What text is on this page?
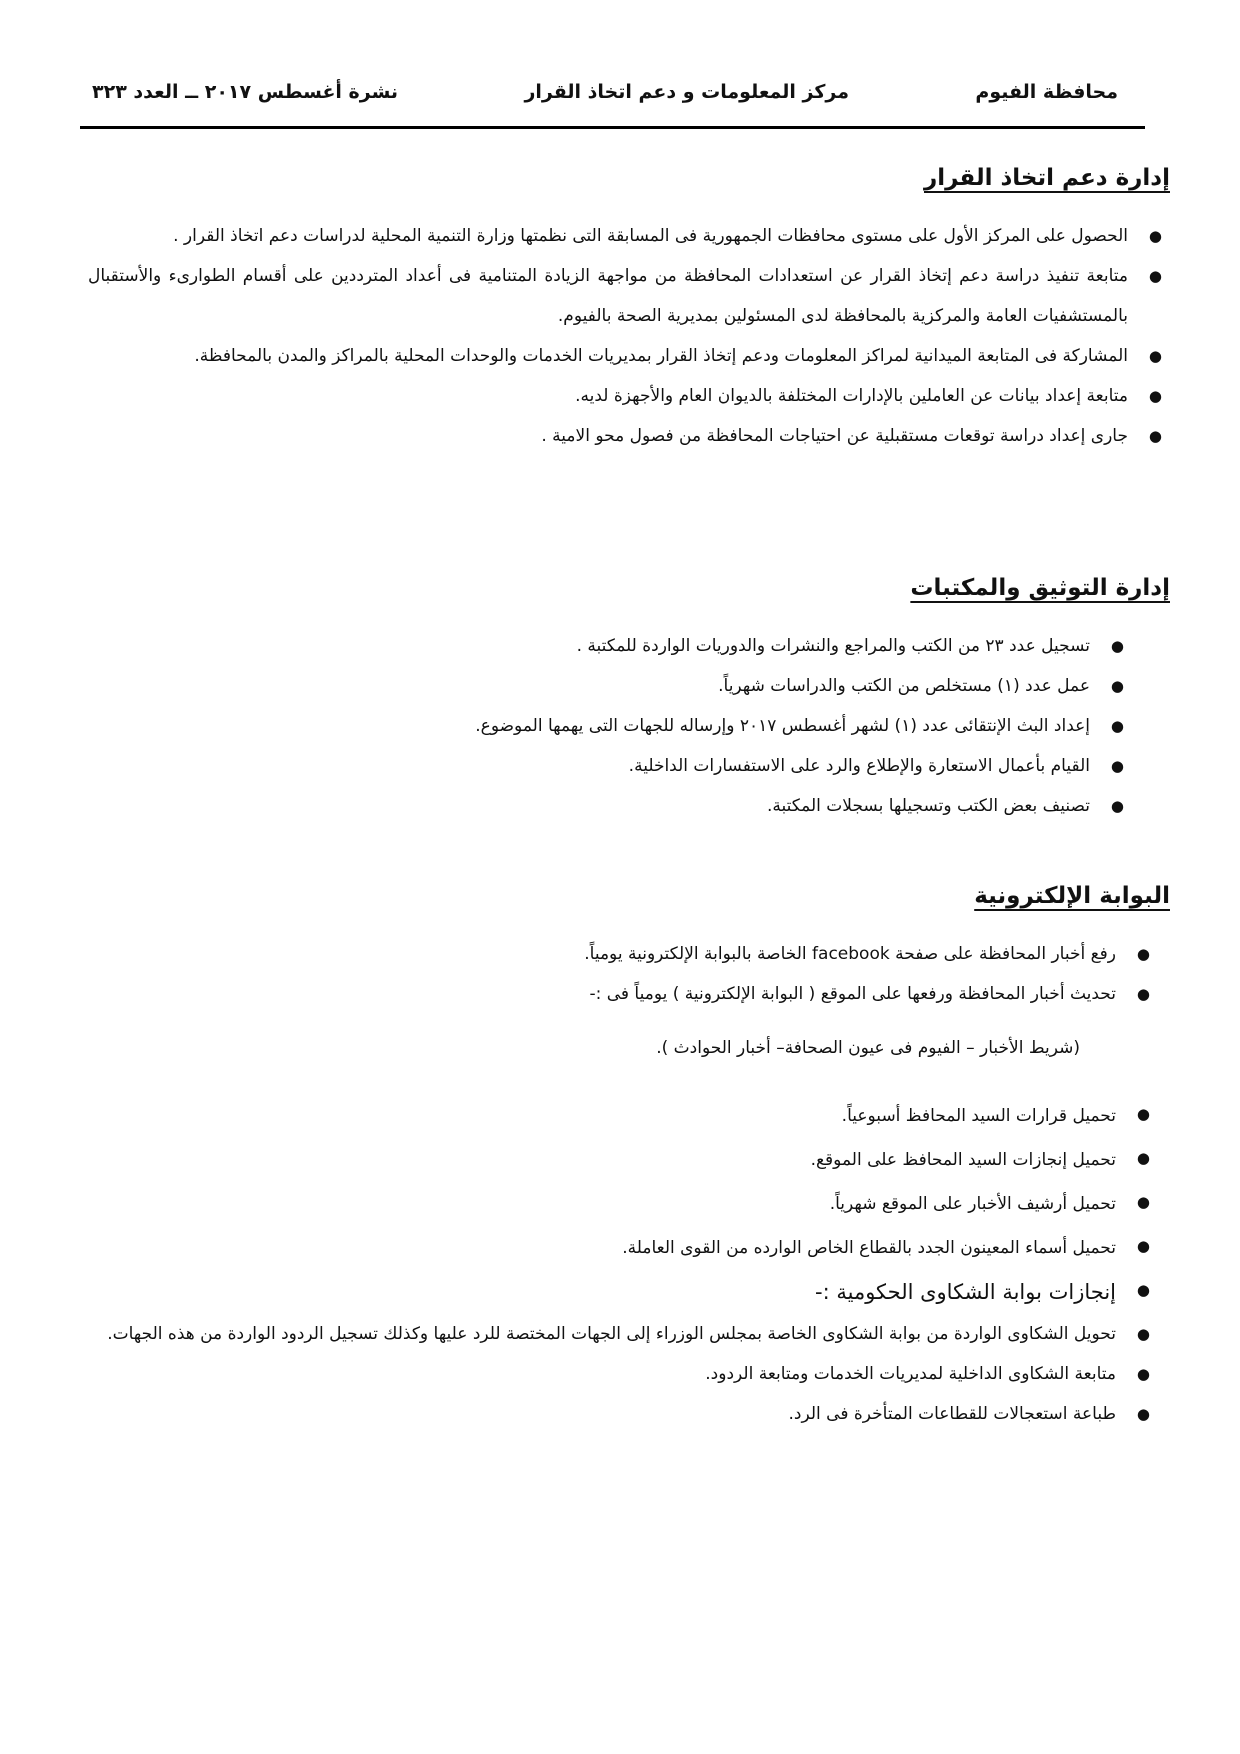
محافظة الفيوم
مركز المعلومات و دعم اتخاذ القرار
نشرة أغسطس ٢٠١٧ ــ العدد ٣٢٣
إدارة دعم اتخاذ القرار
●
الحصول على المركز الأول على مستوى محافظات الجمهورية فى المسابقة التى نظمتها وزارة التنمية المحلية لدراسات دعم اتخاذ القرار .
●
متابعة تنفيذ دراسة دعم إتخاذ القرار عن استعدادات المحافظة من مواجهة الزيادة المتنامية فى أعداد المترددين على أقسام الطوارىء والأستقبال بالمستشفيات العامة والمركزية بالمحافظة لدى المسئولين بمديرية الصحة بالفيوم.
●
المشاركة فى المتابعة الميدانية لمراكز المعلومات ودعم إتخاذ القرار بمديريات الخدمات والوحدات المحلية بالمراكز والمدن بالمحافظة.
●
متابعة إعداد بيانات عن العاملين بالإدارات المختلفة بالديوان العام والأجهزة لديه.
●
جارى إعداد دراسة توقعات مستقبلية عن احتياجات المحافظة من فصول محو الامية .
إدارة التوثيق والمكتبات
●
تسجيل عدد ٢٣ من الكتب والمراجع والنشرات والدوريات الواردة للمكتبة .
●
عمل عدد (١) مستخلص من الكتب والدراسات شهرياً.
●
إعداد البث الإنتقائى عدد (١) لشهر أغسطس ٢٠١٧ وإرساله للجهات التى يهمها الموضوع.
●
القيام بأعمال الاستعارة والإطلاع والرد على الاستفسارات الداخلية.
●
تصنيف بعض الكتب وتسجيلها بسجلات المكتبة.
البوابة الإلكترونية
●
رفع أخبار المحافظة على صفحة facebook الخاصة بالبوابة الإلكترونية يومياً.
●
تحديث أخبار المحافظة ورفعها على الموقع ( البوابة الإلكترونية ) يومياً فى :-
(شريط الأخبار – الفيوم فى عيون الصحافة– أخبار الحوادث ).
●
تحميل قرارات السيد المحافظ أسبوعياً.
●
تحميل إنجازات السيد المحافظ على الموقع.
●
تحميل أرشيف الأخبار على الموقع شهرياً.
●
تحميل أسماء المعينون الجدد بالقطاع الخاص الوارده من القوى العاملة.
●
إنجازات بوابة الشكاوى الحكومية :-
●
تحويل الشكاوى الواردة من بوابة الشكاوى الخاصة بمجلس الوزراء إلى الجهات المختصة للرد عليها وكذلك تسجيل الردود الواردة من هذه الجهات.
●
متابعة الشكاوى الداخلية لمديريات الخدمات ومتابعة الردود.
●
طباعة استعجالات للقطاعات المتأخرة فى الرد.
